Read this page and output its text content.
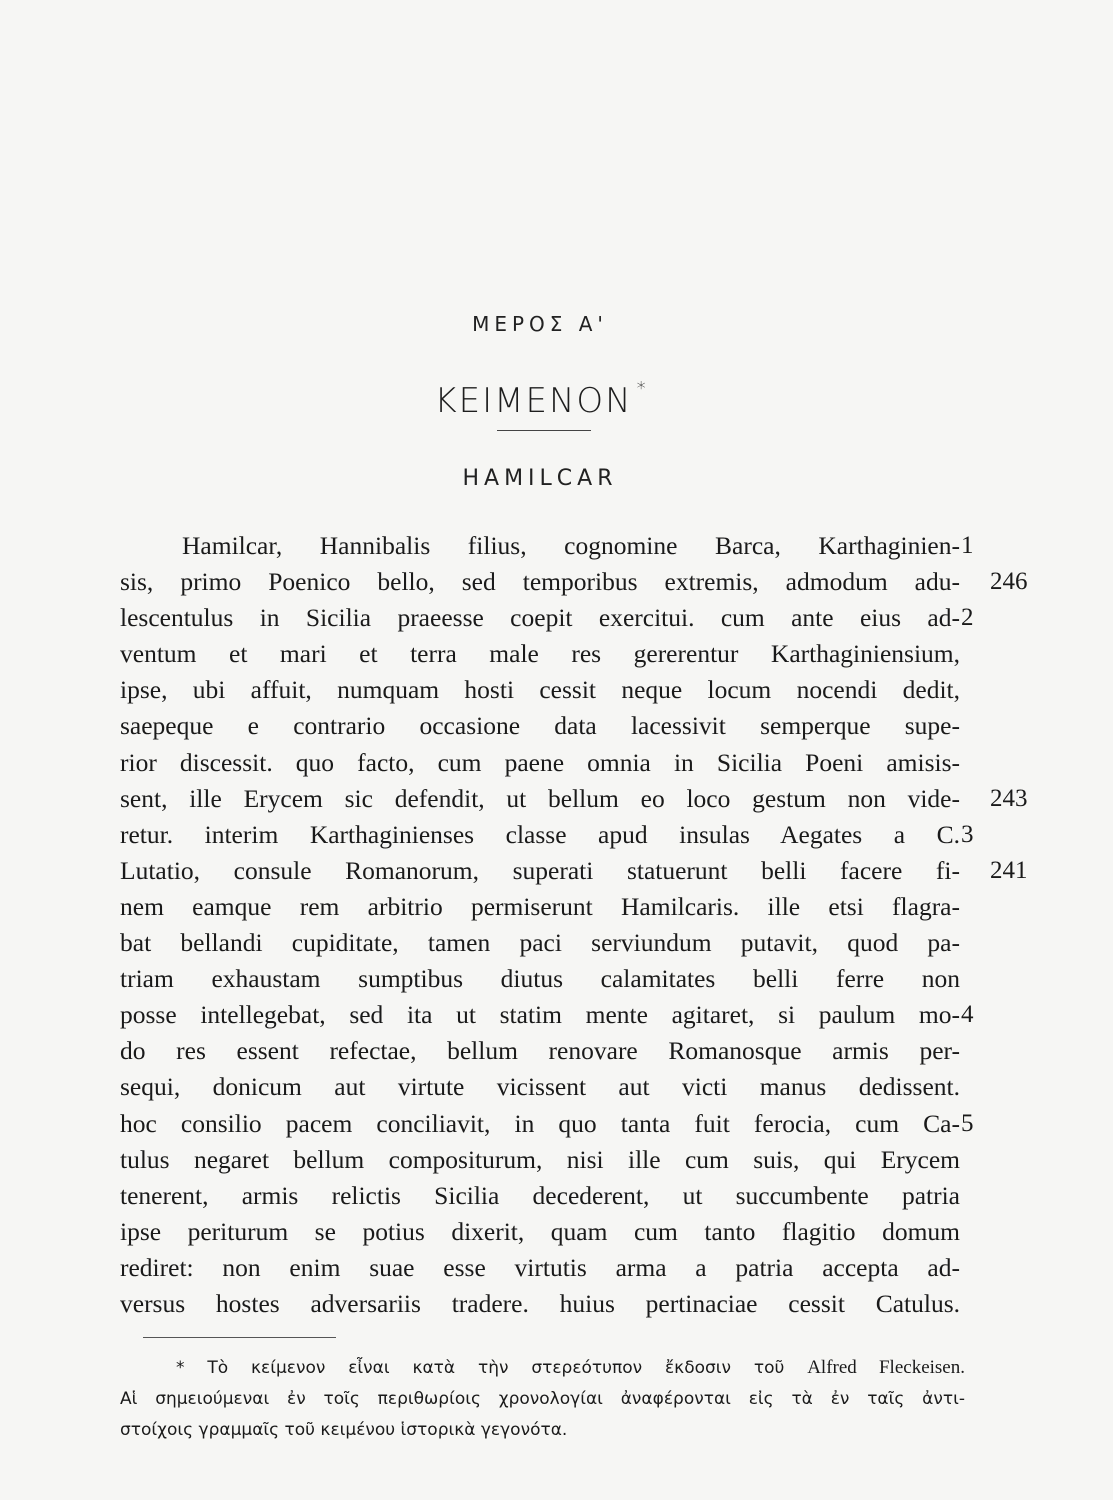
ΜΕΡΟΣ Α'
KEIMENON *
HAMILCAR
Hamilcar, Hannibalis filius, cognomine Barca, Karthaginien-
sis, primo Poenico bello, sed temporibus extremis, admodum adu-
lescentulus in Sicilia praeesse coepit exercitui. cum ante eius ad-
ventum et mari et terra male res gererentur Karthaginiensium,
ipse, ubi affuit, numquam hosti cessit neque locum nocendi dedit,
saepeque e contrario occasione data lacessivit semperque supe-
rior discessit. quo facto, cum paene omnia in Sicilia Poeni amisis-
sent, ille Erycem sic defendit, ut bellum eo loco gestum non vide-
retur. interim Karthaginienses classe apud insulas Aegates a C.
Lutatio, consule Romanorum, superati statuerunt belli facere fi-
nem eamque rem arbitrio permiserunt Hamilcaris. ille etsi flagra-
bat bellandi cupiditate, tamen paci serviundum putavit, quod pa-
triam exhaustam sumptibus diutus calamitates belli ferre non
posse intellegebat, sed ita ut statim mente agitaret, si paulum mo-
do res essent refectae, bellum renovare Romanosque armis per-
sequi, donicum aut virtute vicissent aut victi manus dedissent.
hoc consilio pacem conciliavit, in quo tanta fuit ferocia, cum Ca-
tulus negaret bellum compositurum, nisi ille cum suis, qui Erycem
tenerent, armis relictis Sicilia decederent, ut succumbente patria
ipse periturum se potius dixerit, quam cum tanto flagitio domum
rediret: non enim suae esse virtutis arma a patria accepta ad-
versus hostes adversariis tradere. huius pertinaciae cessit Catulus.
1
2
3
4
5
246
243
241
* Τὸ κείμενον εἶναι κατὰ τὴν στερεότυπον ἔκδοσιν τοῦ Alfred Fleckeisen.
Αἱ σημειούμεναι ἐν τοῖς περιθωρίοις χρονολογίαι ἀναφέρονται εἰς τὰ ἐν ταῖς ἀντι-
στοίχοις γραμμαῖς τοῦ κειμένου ἱστορικὰ γεγονότα.
